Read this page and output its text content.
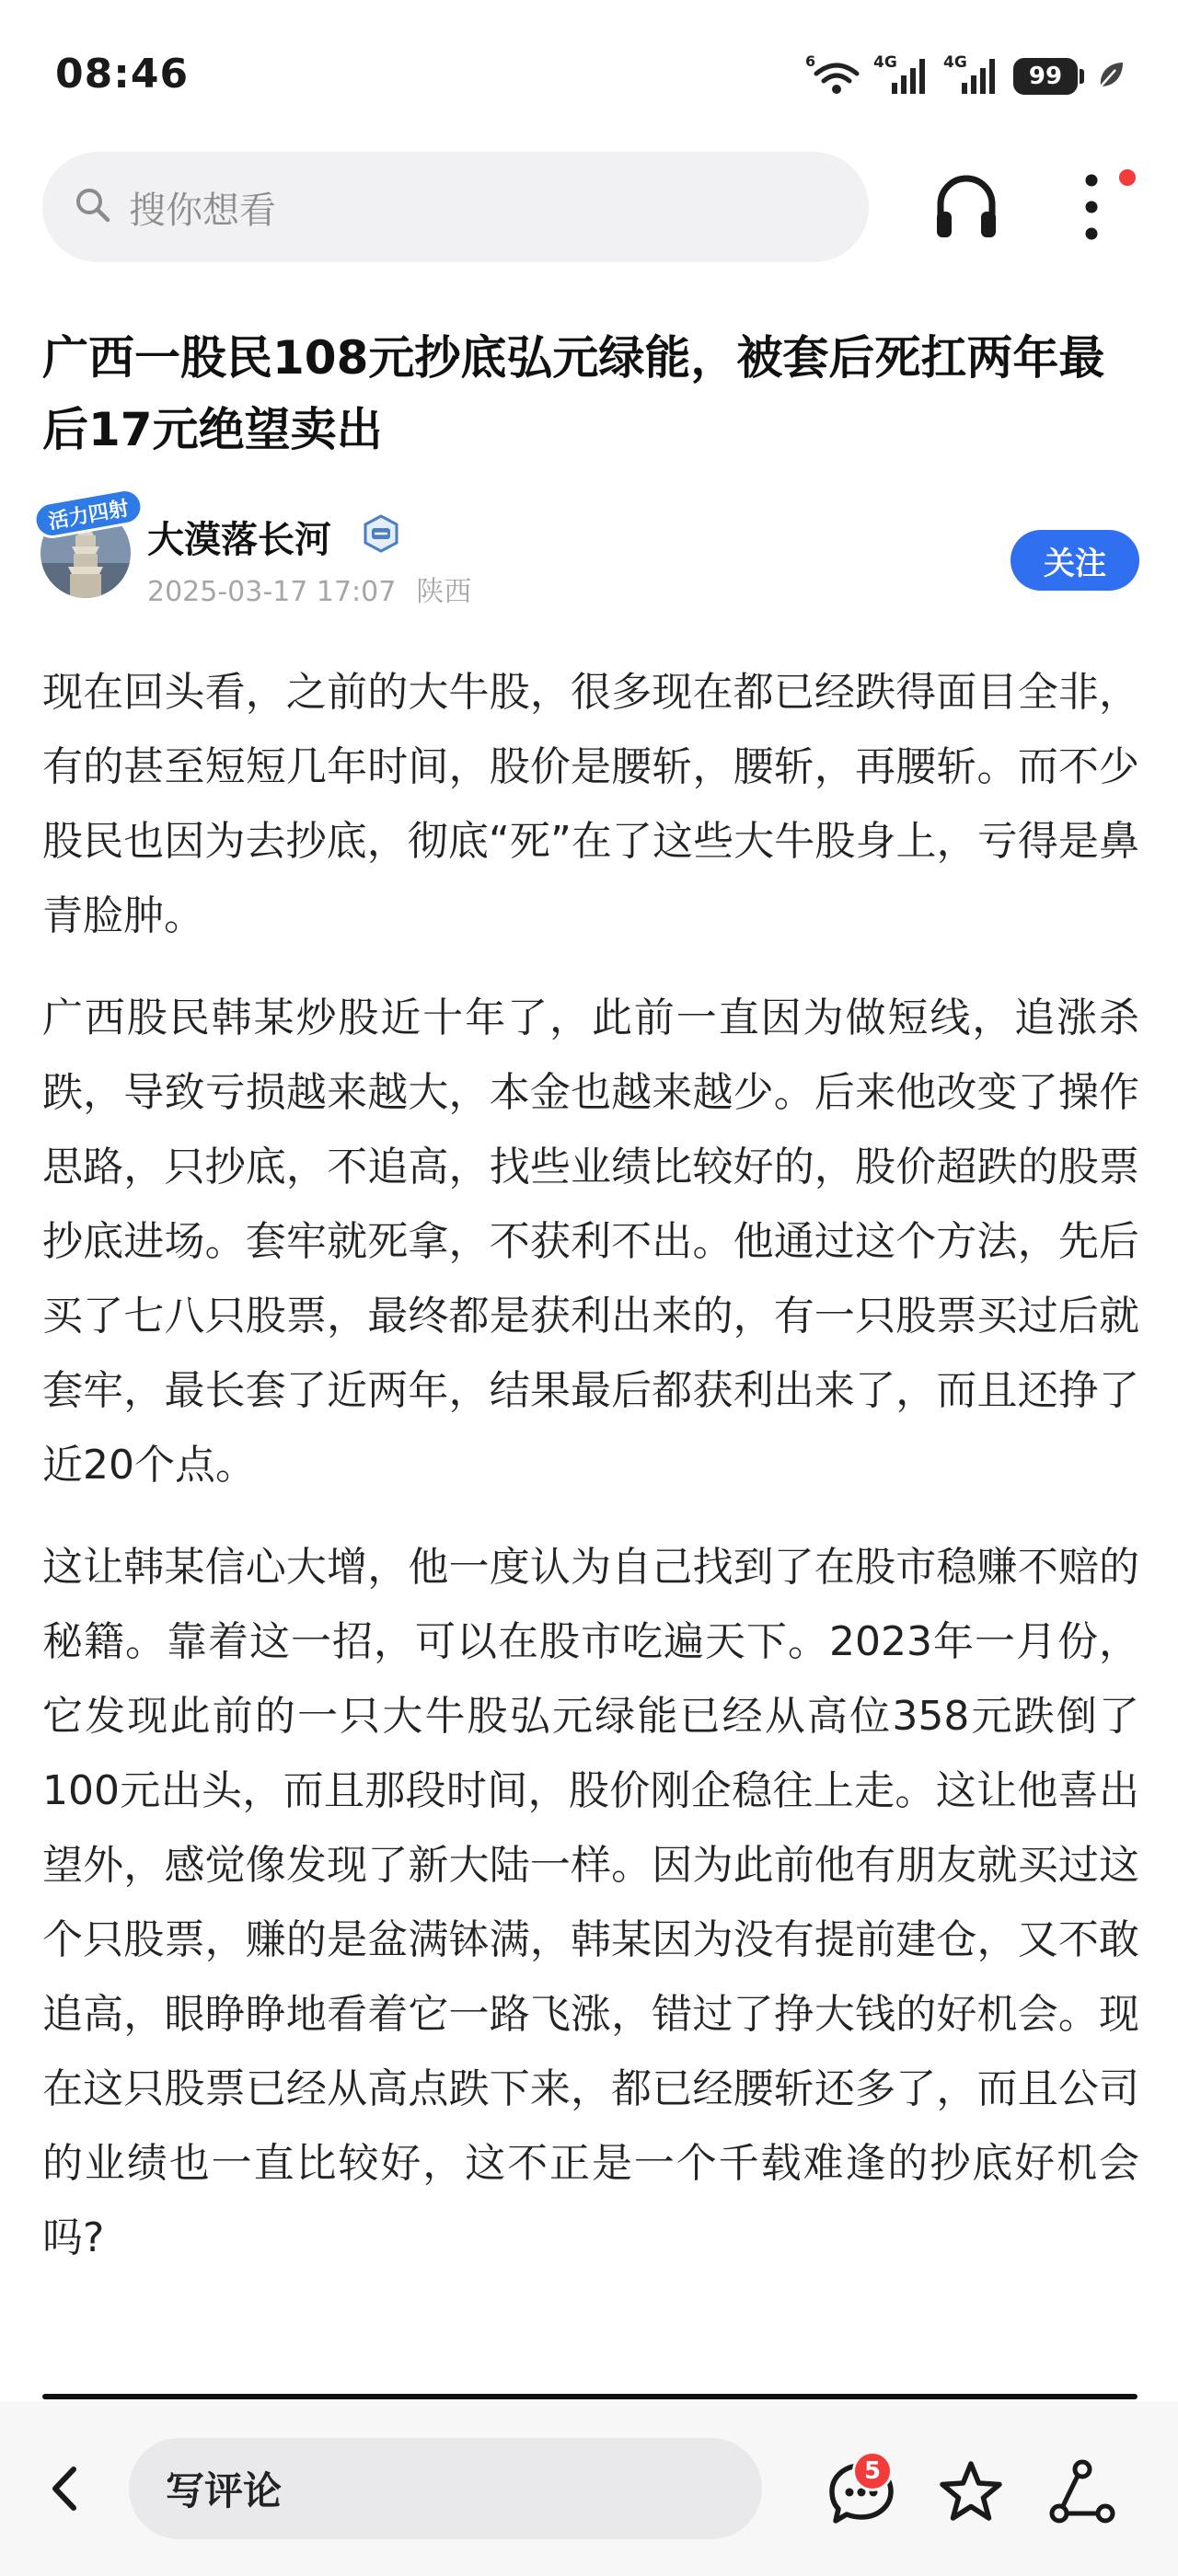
08:46	6	4G	4G	99
搜你想看
广西一股民108元抄底弘元绿能，被套后死扛两年最后17元绝望卖出
活力四射
大漠落长河
2025-03-17 17:07 陕西
关注

现在回头看，之前的大牛股，很多现在都已经跌得面目全非，有的甚至短短几年时间，股价是腰斩，腰斩，再腰斩。而不少股民也因为去抄底，彻底“死”在了这些大牛股身上，亏得是鼻青脸肿。

广西股民韩某炒股近十年了，此前一直因为做短线，追涨杀跌，导致亏损越来越大，本金也越来越少。后来他改变了操作思路，只抄底，不追高，找些业绩比较好的，股价超跌的股票抄底进场。套牢就死拿，不获利不出。他通过这个方法，先后买了七八只股票，最终都是获利出来的，有一只股票买过后就套牢，最长套了近两年，结果最后都获利出来了，而且还挣了近20个点。

这让韩某信心大增，他一度认为自己找到了在股市稳赚不赔的秘籍。靠着这一招，可以在股市吃遍天下。2023年一月份，它发现此前的一只大牛股弘元绿能已经从高位358元跌倒了100元出头，而且那段时间，股价刚企稳往上走。这让他喜出望外，感觉像发现了新大陆一样。因为此前他有朋友就买过这个只股票，赚的是盆满钵满，韩某因为没有提前建仓，又不敢追高，眼睁睁地看着它一路飞涨，错过了挣大钱的好机会。现在这只股票已经从高点跌下来，都已经腰斩还多了，而且公司的业绩也一直比较好，这不正是一个千载难逢的抄底好机会吗?

写评论	5
